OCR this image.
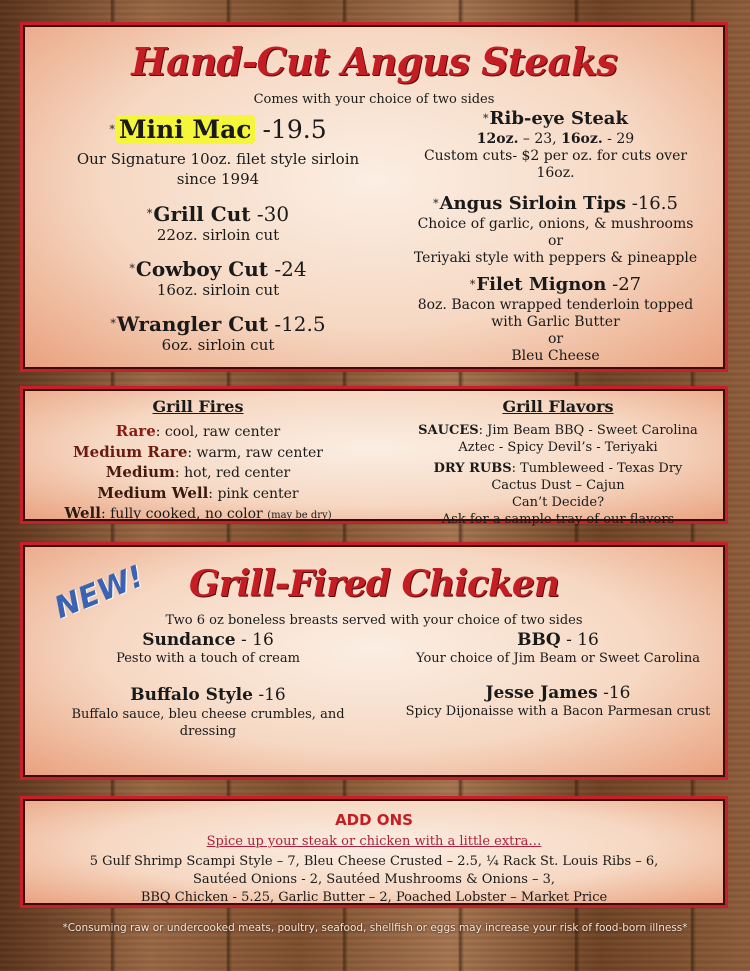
Hand-Cut Angus Steaks
Comes with your choice of two sides
* Mini Mac -19.5
Our Signature 10oz. filet style sirloin
since 1994
*Grill Cut -30
22oz. sirloin cut
*Cowboy Cut -24
16oz. sirloin cut
*Wrangler Cut -12.5
6oz. sirloin cut
*Rib-eye Steak
12oz. – 23, 16oz. - 29
Custom cuts- $2 per oz. for cuts over
16oz.
*Angus Sirloin Tips -16.5
Choice of garlic, onions, & mushrooms
or
Teriyaki style with peppers & pineapple
*Filet Mignon -27
8oz. Bacon wrapped tenderloin topped
with Garlic Butter
or
Bleu Cheese
Grill Fires
Rare: cool, raw center
Medium Rare: warm, raw center
Medium: hot, red center
Medium Well: pink center
Well: fully cooked, no color (may be dry)
Grill Flavors
SAUCES: Jim Beam BBQ - Sweet Carolina
Aztec - Spicy Devil’s - Teriyaki
DRY RUBS: Tumbleweed - Texas Dry
Cactus Dust – Cajun
Can’t Decide?
Ask for a sample tray of our flavors
NEW!	Grill-Fired Chicken
Two 6 oz boneless breasts served with your choice of two sides
Sundance - 16
Pesto with a touch of cream
BBQ - 16
Your choice of Jim Beam or Sweet Carolina
Buffalo Style -16
Buffalo sauce, bleu cheese crumbles, and
dressing
Jesse James -16
Spicy Dijonaisse with a Bacon Parmesan crust
ADD ONS
Spice up your steak or chicken with a little extra…
5 Gulf Shrimp Scampi Style – 7, Bleu Cheese Crusted – 2.5, ¼ Rack St. Louis Ribs – 6,
Sautéed Onions - 2, Sautéed Mushrooms & Onions – 3,
BBQ Chicken - 5.25, Garlic Butter – 2, Poached Lobster – Market Price
*Consuming raw or undercooked meats, poultry, seafood, shellfish or eggs may increase your risk of food-born illness*
